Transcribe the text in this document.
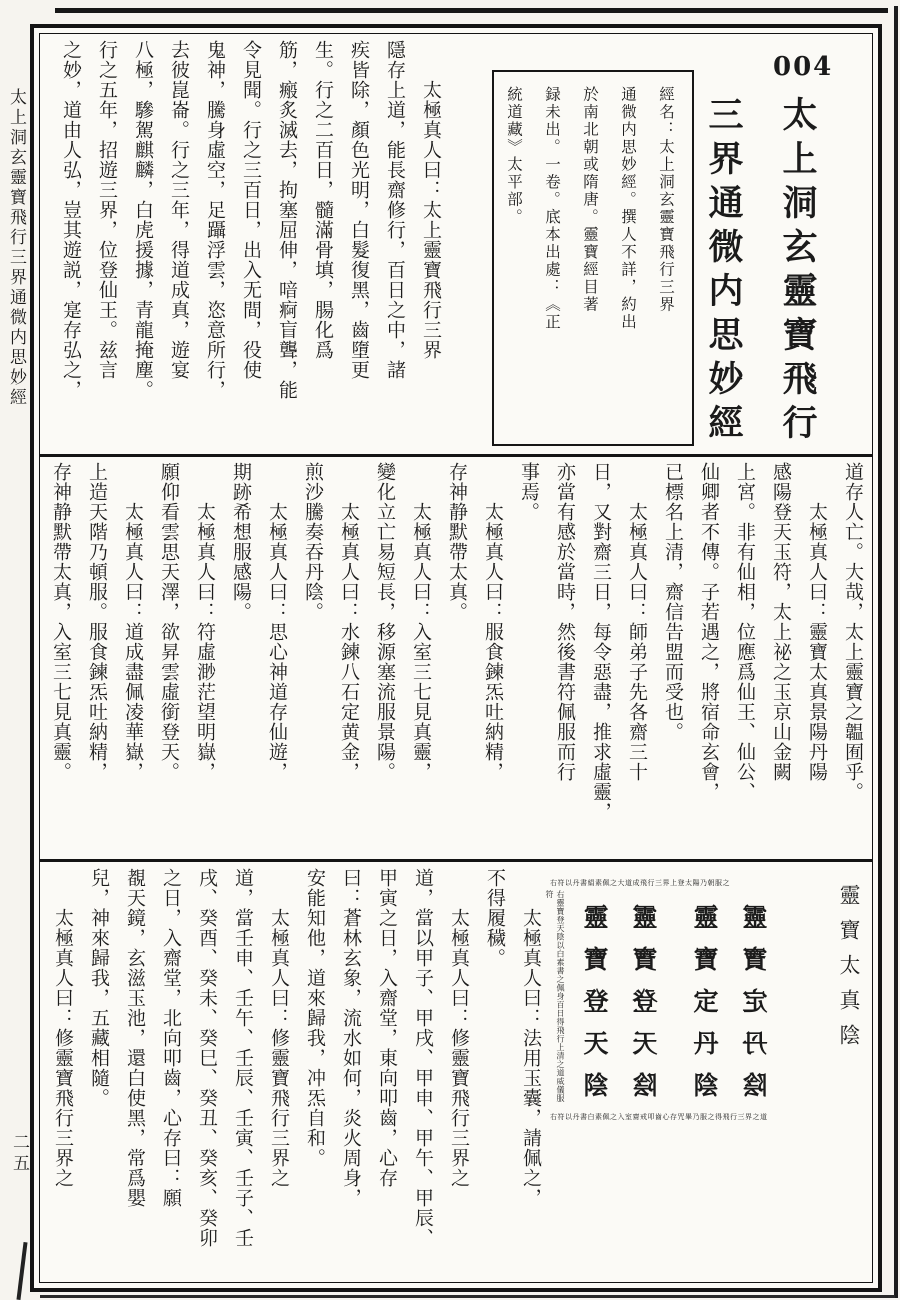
太上洞玄靈寶飛行三界通微内思妙經
二五
004
太上洞玄靈寶飛行
三界通微内思妙經

經名：太上洞玄靈寶飛行三界

通微内思妙經。撰人不詳，約出

於南北朝或隋唐。靈寶經目著

録未出。一卷。底本出處：《正

統道藏》太平部。

太極真人曰：太上靈寶飛行三界

隱存上道，能長齋修行，百日之中，諸

疾皆除，顏色光明，白髮復黑，齒墮更

生。行之二百日，髓滿骨填，腸化爲

筋，瘢炙滅去，拘塞屈伸，喑痾盲聾，能

令見聞。行之三百日，出入无間，役使

鬼神，騰身虛空，足躡浮雲，恣意所行，

去彼崑崙。行之三年，得道成真，遊宴

八極，驂駕麒麟，白虎援據，青龍掩塵。

行之五年，招遊三界，位登仙王。兹言

之妙，道由人弘，豈其遊説，寔存弘之，

道存人亡。大哉，太上靈寶之韞囿乎。

太極真人曰：靈寶太真景陽丹陽

感陽登天玉符，太上祕之玉京山金闕

上宮。非有仙相，位應爲仙王、仙公、

仙卿者不傳。子若遇之，將宿命玄會，

已標名上清，齋信告盟而受也。

太極真人曰：師弟子先各齋三十

日，又對齋三日，每令惡盡，推求虛靈，

亦當有感於當時，然後書符佩服而行

事焉。

太極真人曰：服食鍊炁吐納精，

存神静默帶太真。

太極真人曰：入室三七見真靈，

變化立亡易短長，移源塞流服景陽。

太極真人曰：水鍊八石定黄金，

煎沙騰奏吞丹陰。

太極真人曰：思心神道存仙遊，

期跡希想服感陽。

太極真人曰：符虛渺茫望明嶽，

願仰看雲思天澤，欲昇雲虛銜登天。

太極真人曰：道成盡佩凌華嶽，

上造天階乃頓服。服食鍊炁吐納精，

存神静默帶太真，入室三七見真靈。

靈寶太真陰
右符以丹書絹素佩之大道成飛行三界上登太陽乃朝服之
右靈寶登天陰以白素書之佩身百日得飛行上清之道威儀服符
右符以丹書白素佩之入室齋戒叩齒心存咒畢乃服之得飛行三界之道
靈寶定丹陰
靈寶定丹陰
靈寶登天陰
靈寶登天陰

太極真人曰：法用玉囊，請佩之，

不得履穢。

太極真人曰：修靈寶飛行三界之

道，當以甲子、甲戌、甲申、甲午、甲辰、

甲寅之日，入齋堂，東向叩齒，心存

曰：蒼林玄象，流水如何，炎火周身，

安能知他，道來歸我，冲炁自和。

太極真人曰：修靈寶飛行三界之

道，當壬申、壬午、壬辰、壬寅、壬子、壬

戌、癸酉、癸未、癸巳、癸丑、癸亥、癸卯

之日，入齋堂，北向叩齒，心存曰：願

覩天鏡，玄滋玉池，還白使黑，常爲嬰

兒，神來歸我，五藏相隨。

太極真人曰：修靈寶飛行三界之
